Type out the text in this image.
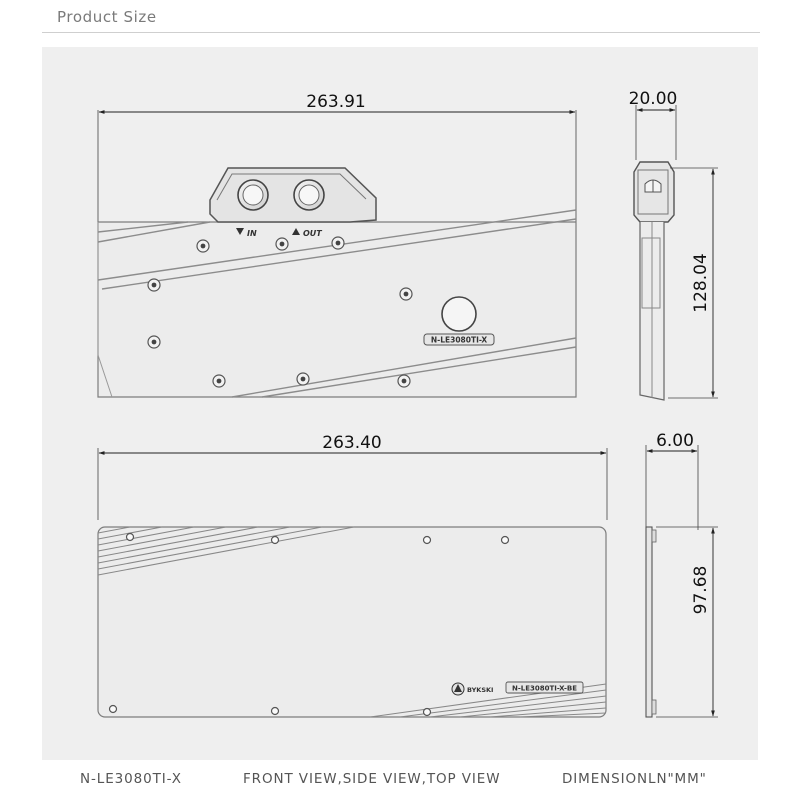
Product Size
263.91
IN	OUT
N-LE3080TI-X
20.00
128.04
263.40
BYKSKI	N-LE3080TI-X-BE
6.00
97.68
N-LE3080TI-X	FRONT VIEW,SIDE VIEW,TOP VIEW	DIMENSIONLN"MM"
